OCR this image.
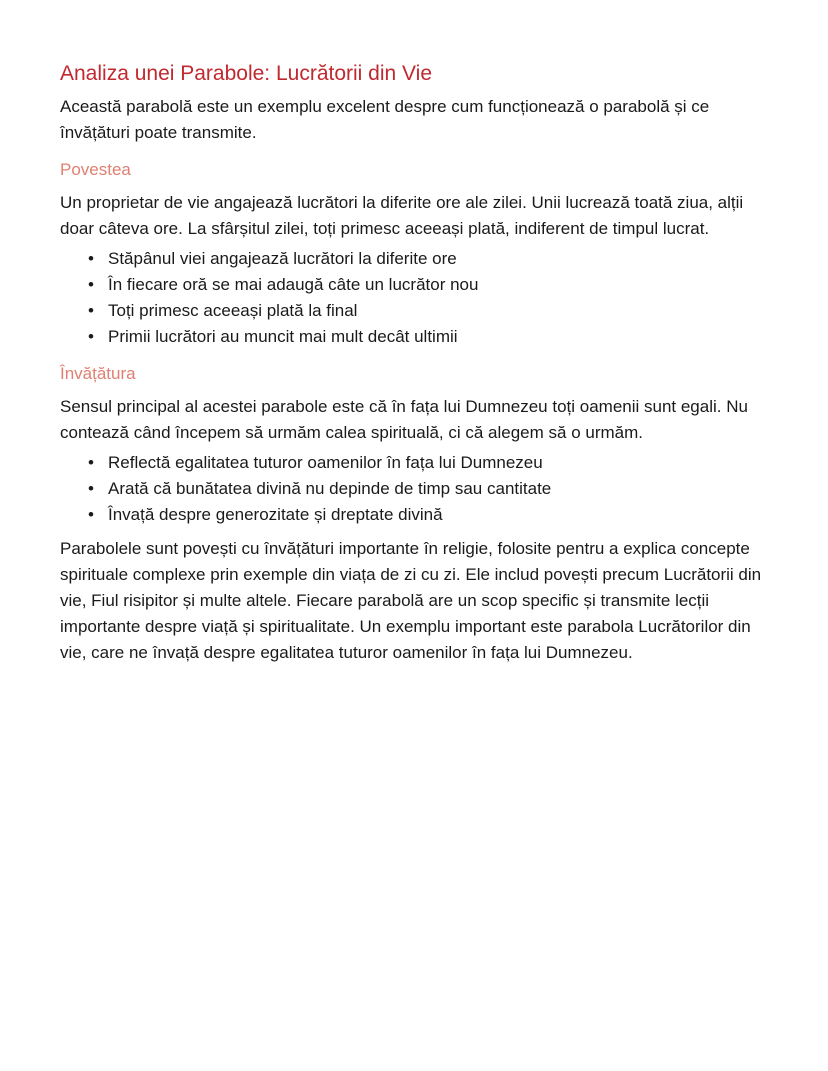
Analiza unei Parabole: Lucrătorii din Vie

Această parabolă este un exemplu excelent despre cum funcționează o parabolă și ce învățături poate transmite.

Povestea

Un proprietar de vie angajează lucrători la diferite ore ale zilei. Unii lucrează toată ziua, alții doar câteva ore. La sfârșitul zilei, toți primesc aceeași plată, indiferent de timpul lucrat.

• Stăpânul viei angajează lucrători la diferite ore
• În fiecare oră se mai adaugă câte un lucrător nou
• Toți primesc aceeași plată la final
• Primii lucrători au muncit mai mult decât ultimii
Învățătura

Sensul principal al acestei parabole este că în fața lui Dumnezeu toți oamenii sunt egali. Nu contează când începem să urmăm calea spirituală, ci că alegem să o urmăm.

• Reflectă egalitatea tuturor oamenilor în fața lui Dumnezeu
• Arată că bunătatea divină nu depinde de timp sau cantitate
• Învață despre generozitate și dreptate divină

Parabolele sunt povești cu învățături importante în religie, folosite pentru a explica concepte spirituale complexe prin exemple din viața de zi cu zi. Ele includ povești precum Lucrătorii din vie, Fiul risipitor și multe altele. Fiecare parabolă are un scop specific și transmite lecții importante despre viață și spiritualitate. Un exemplu important este parabola Lucrătorilor din vie, care ne învață despre egalitatea tuturor oamenilor în fața lui Dumnezeu.
